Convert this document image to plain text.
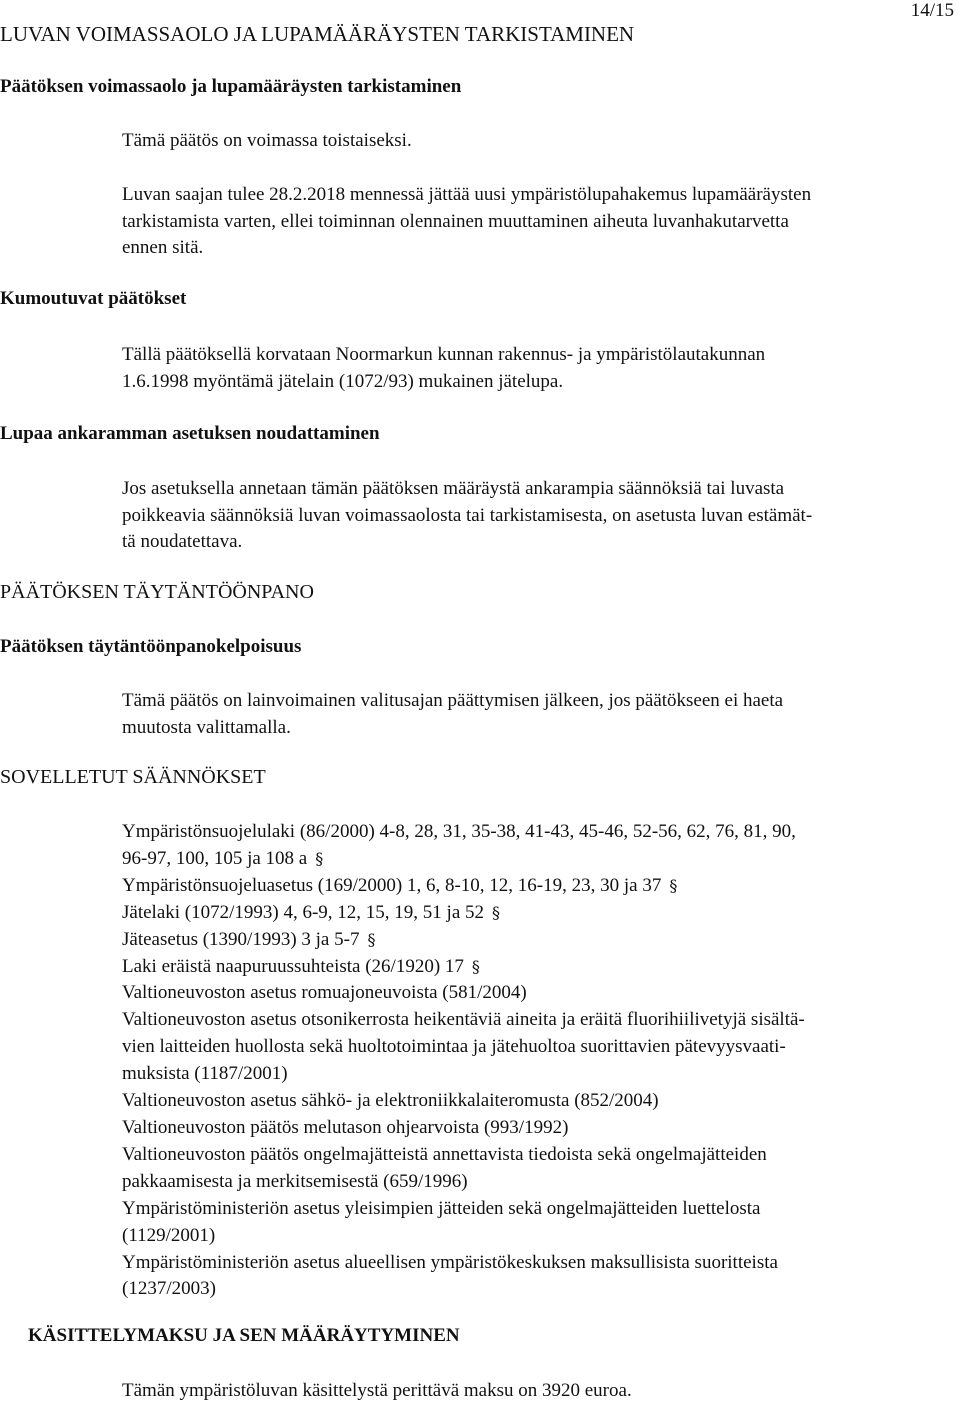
14/15
LUVAN VOIMASSAOLO JA LUPAMÄÄRÄYSTEN TARKISTAMINEN
Päätöksen voimassaolo ja lupamääräysten tarkistaminen
Tämä päätös on voimassa toistaiseksi.
Luvan saajan tulee 28.2.2018 mennessä jättää uusi ympäristölupahakemus lupamääräysten
tarkistamista varten, ellei toiminnan olennainen muuttaminen aiheuta luvanhakutarvetta
ennen sitä.
Kumoutuvat päätökset
Tällä päätöksellä korvataan Noormarkun kunnan rakennus- ja ympäristölautakunnan
1.6.1998 myöntämä jätelain (1072/93) mukainen jätelupa.
Lupaa ankaramman asetuksen noudattaminen
Jos asetuksella annetaan tämän päätöksen määräystä ankarampia säännöksiä tai luvasta
poikkeavia säännöksiä luvan voimassaolosta tai tarkistamisesta, on asetusta luvan estämät-
tä noudatettava.
PÄÄTÖKSEN TÄYTÄNTÖÖNPANO
Päätöksen täytäntöönpanokelpoisuus
Tämä päätös on lainvoimainen valitusajan päättymisen jälkeen, jos päätökseen ei haeta
muutosta valittamalla.
SOVELLETUT SÄÄNNÖKSET
Ympäristönsuojelulaki (86/2000) 4-8, 28, 31, 35-38, 41-43, 45-46, 52-56, 62, 76, 81, 90,
96-97, 100, 105 ja 108 a §
Ympäristönsuojeluasetus (169/2000) 1, 6, 8-10, 12, 16-19, 23, 30 ja 37 §
Jätelaki (1072/1993) 4, 6-9, 12, 15, 19, 51 ja 52 §
Jäteasetus (1390/1993) 3 ja 5-7 §
Laki eräistä naapuruussuhteista (26/1920) 17 §
Valtioneuvoston asetus romuajoneuvoista (581/2004)
Valtioneuvoston asetus otsonikerrosta heikentäviä aineita ja eräitä fluorihiilivetyjä sisältä-
vien laitteiden huollosta sekä huoltotoimintaa ja jätehuoltoa suorittavien pätevyysvaati-
muksista (1187/2001)
Valtioneuvoston asetus sähkö- ja elektroniikkalaiteromusta (852/2004)
Valtioneuvoston päätös melutason ohjearvoista (993/1992)
Valtioneuvoston päätös ongelmajätteistä annettavista tiedoista sekä ongelmajätteiden
pakkaamisesta ja merkitsemisestä (659/1996)
Ympäristöministeriön asetus yleisimpien jätteiden sekä ongelmajätteiden luettelosta
(1129/2001)
Ympäristöministeriön asetus alueellisen ympäristökeskuksen maksullisista suoritteista
(1237/2003)
KÄSITTELYMAKSU JA SEN MÄÄRÄYTYMINEN
Tämän ympäristöluvan käsittelystä perittävä maksu on 3920 euroa.
